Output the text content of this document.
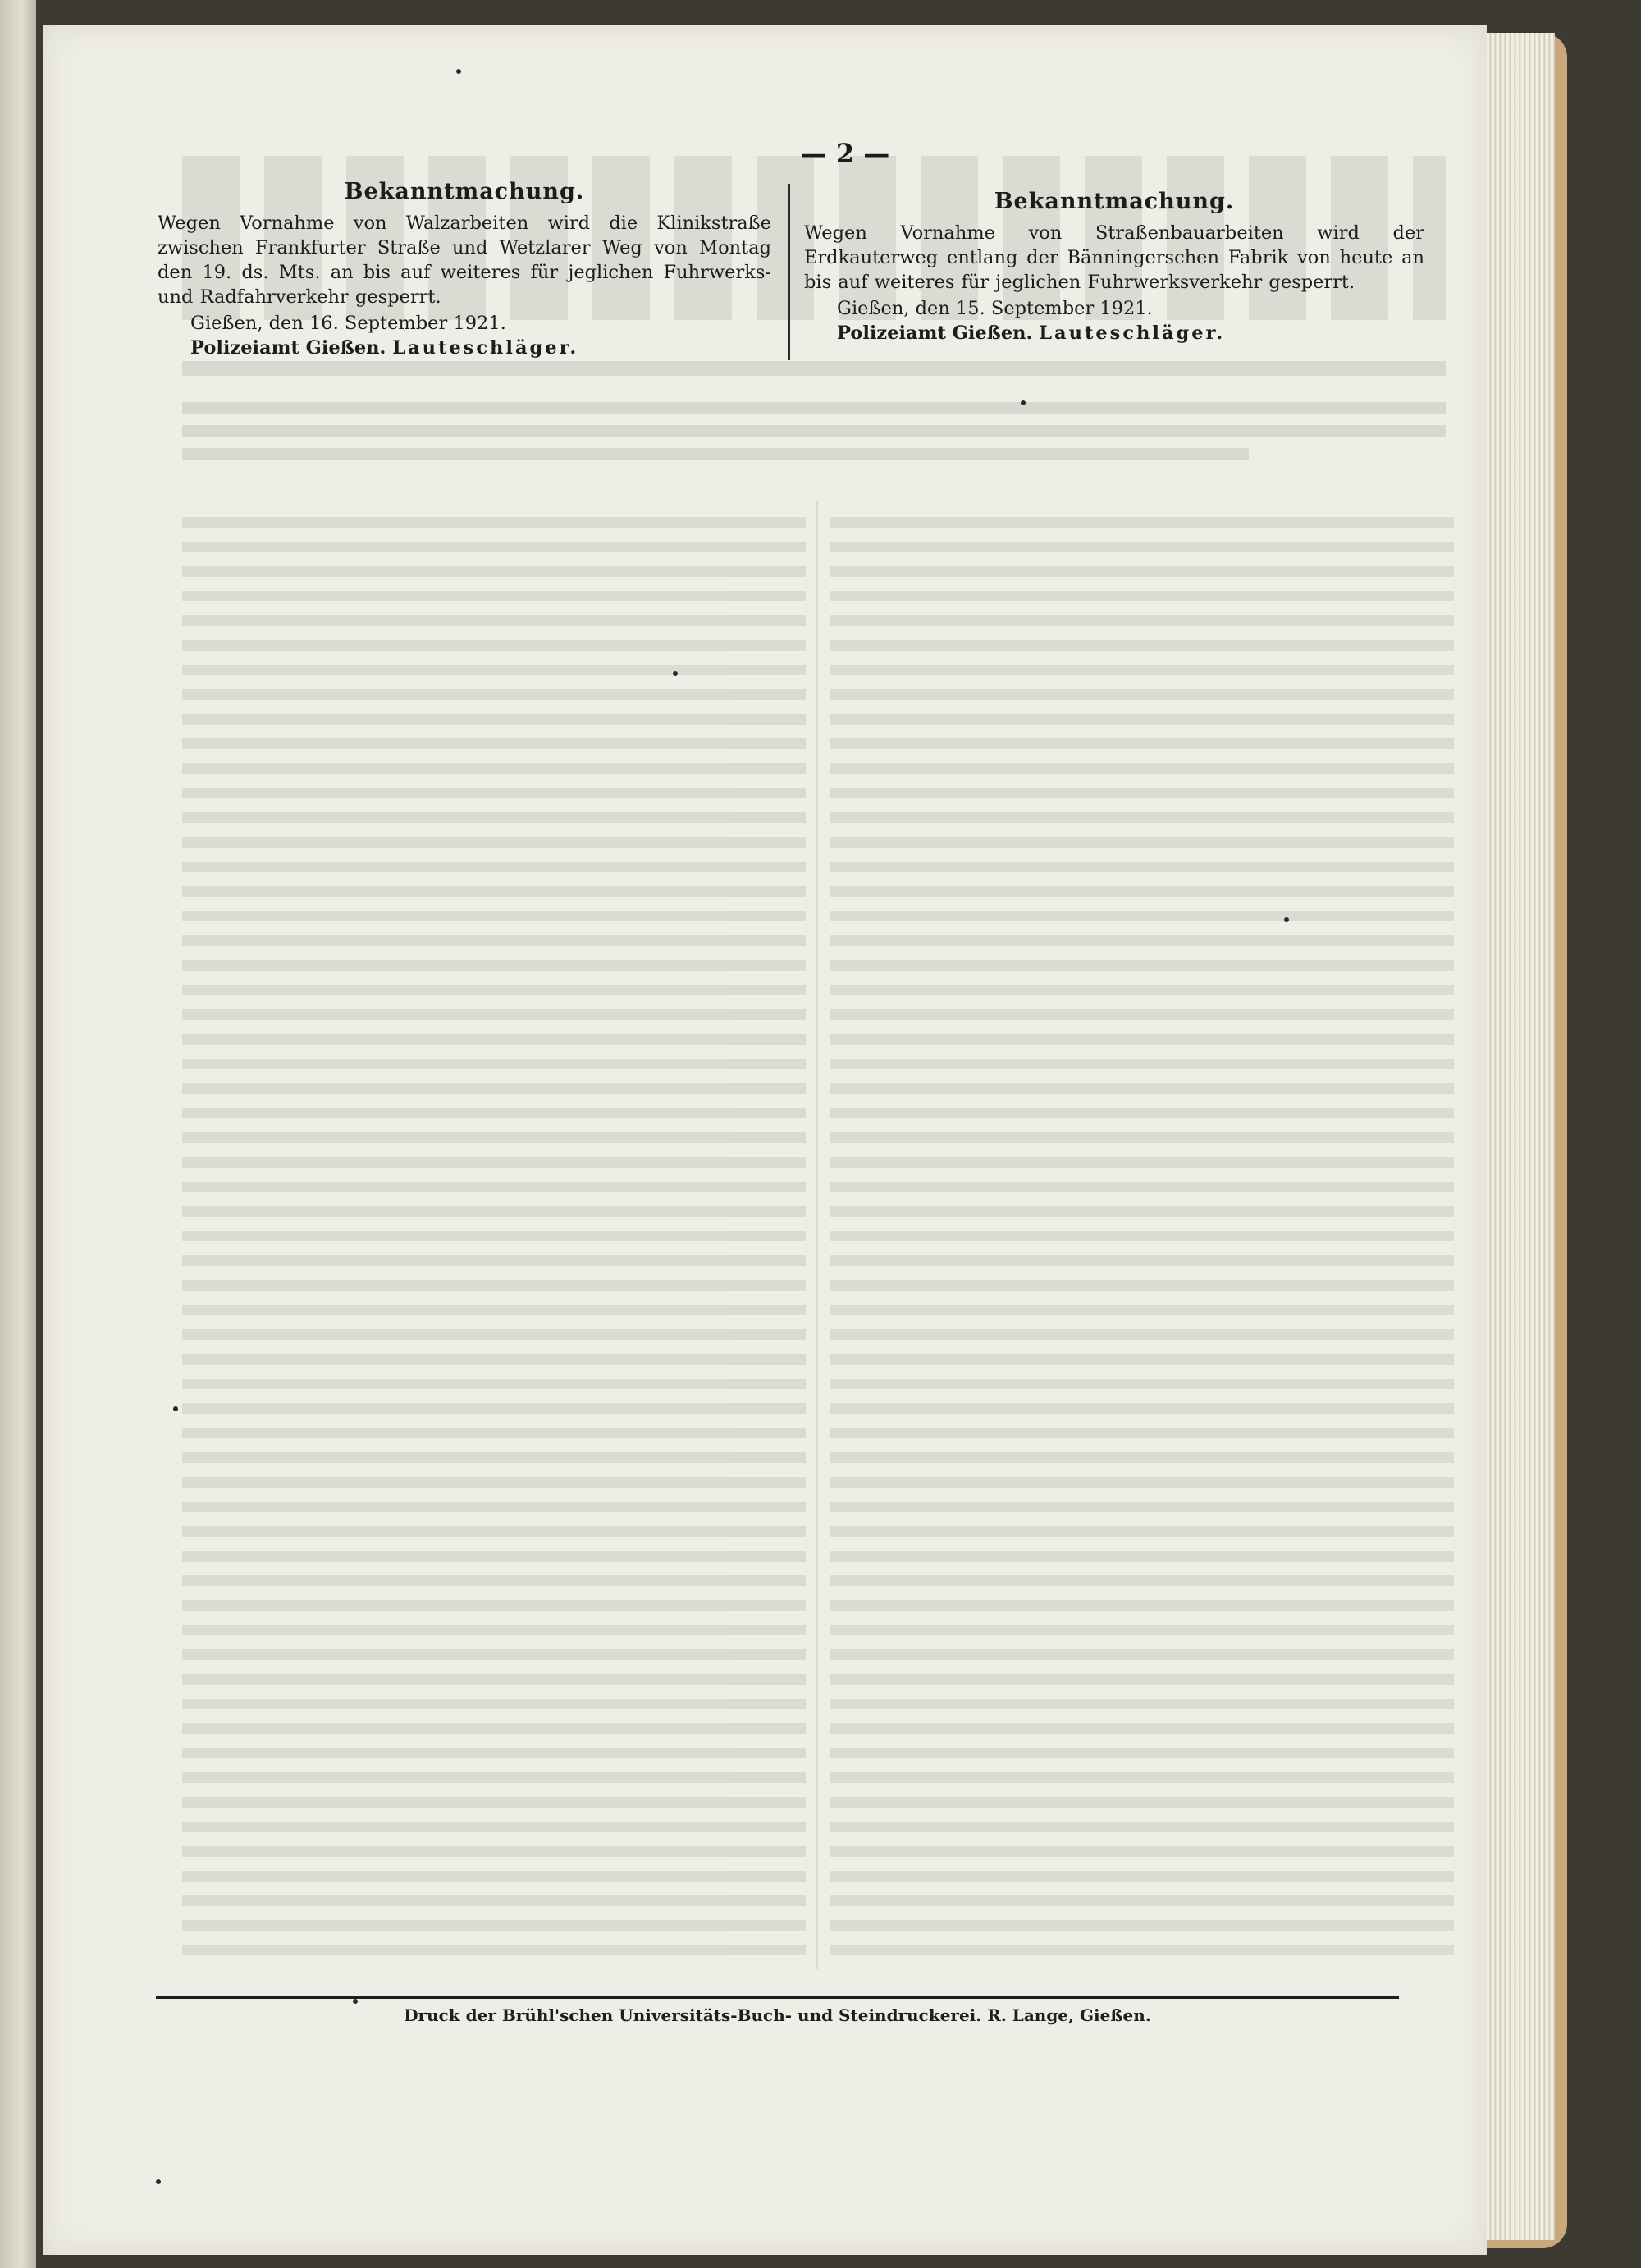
— 2 —
Bekanntmachung.
Wegen Vornahme von Walzarbeiten wird die Klinikstraße zwischen Frankfurter Straße und Wetzlarer Weg von Montag den 19. ds. Mts. an bis auf weiteres für jeglichen Fuhrwerks- und Radfahrverkehr gesperrt.
Gießen, den 16. September 1921.
Polizeiamt Gießen. Lauteschläger.
Bekanntmachung.
Wegen Vornahme von Straßenbauarbeiten wird der Erdkauterweg entlang der Bänningerschen Fabrik von heute an bis auf weiteres für jeglichen Fuhrwerksverkehr gesperrt.
Gießen, den 15. September 1921.
Polizeiamt Gießen. Lauteschläger.
Druck der Brühl'schen Universitäts-Buch- und Steindruckerei. R. Lange, Gießen.
